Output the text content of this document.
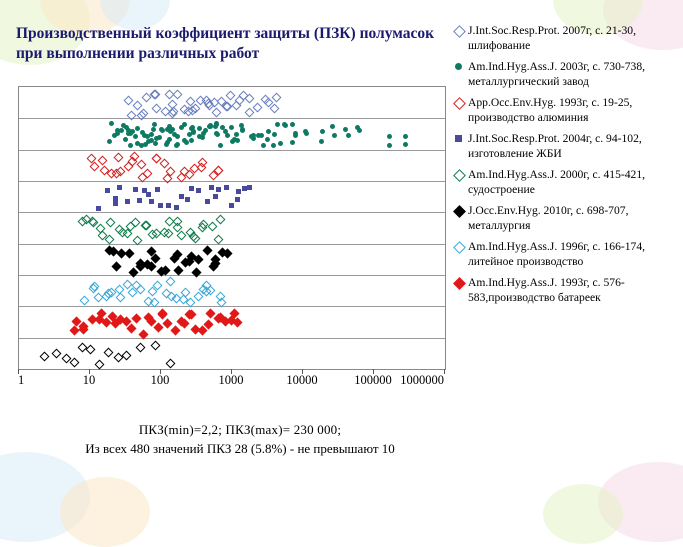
Производственный коэффициент защиты (ПЗК) полумасок при выполнении различных работ
1	10	100	1000	10000	100000 1000000
J.Int.Soc.Resp.Prot. 2007г, с. 21-30,
шлифование
Am.Ind.Hyg.Ass.J. 2003г, с. 730-738,
металлургический завод
App.Occ.Env.Hyg. 1993г, с. 19-25,
производство алюминия
J.Int.Soc.Resp.Prot. 2004г, с. 94-102,
изготовление ЖБИ
Am.Ind.Hyg.Ass.J. 2000г, с. 415-421,
судостроение
J.Occ.Env.Hyg. 2010г, с. 698-707,
металлургия
Am.Ind.Hyg.Ass.J. 1996г, с. 166-174,
литейное производство
Am.Ind.Hyg.Ass.J. 1993г, с. 576-
583,производство батареек
ПКЗ(min)=2,2; ПКЗ(max)= 230 000;
Из всех 480 значений ПКЗ 28 (5.8%) - не превышают 10
